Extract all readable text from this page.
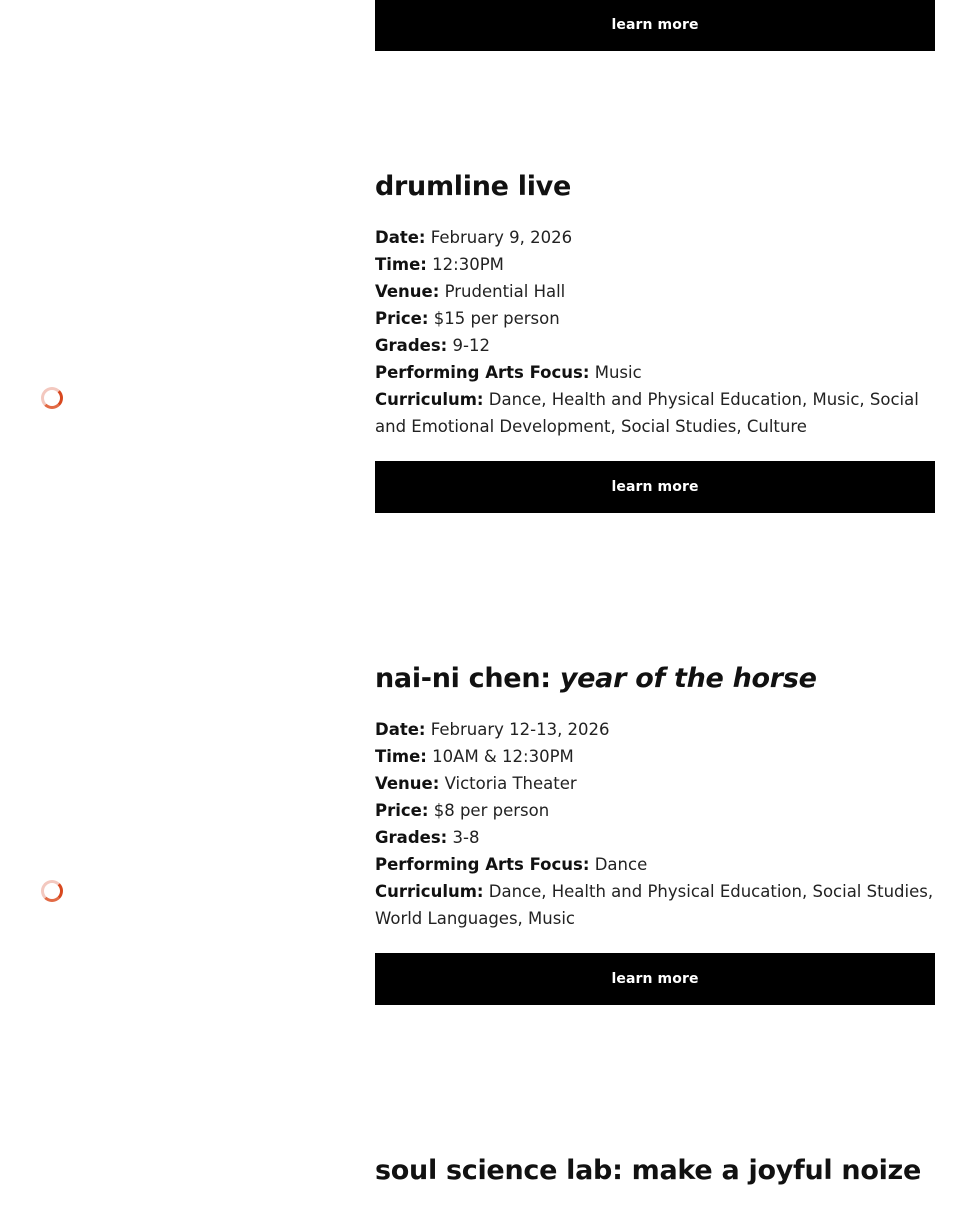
learn more
drumline live
Date: February 9, 2026
Time: 12:30PM
Venue: Prudential Hall
Price: $15 per person
Grades: 9-12
Performing Arts Focus: Music
Curriculum: Dance, Health and Physical Education, Music, Social and Emotional Development, Social Studies, Culture
learn more
nai-ni chen: year of the horse
Date: February 12-13, 2026
Time: 10AM & 12:30PM
Venue: Victoria Theater
Price: $8 per person
Grades: 3-8
Performing Arts Focus: Dance
Curriculum: Dance, Health and Physical Education, Social Studies, World Languages, Music
learn more
soul science lab: make a joyful noize
